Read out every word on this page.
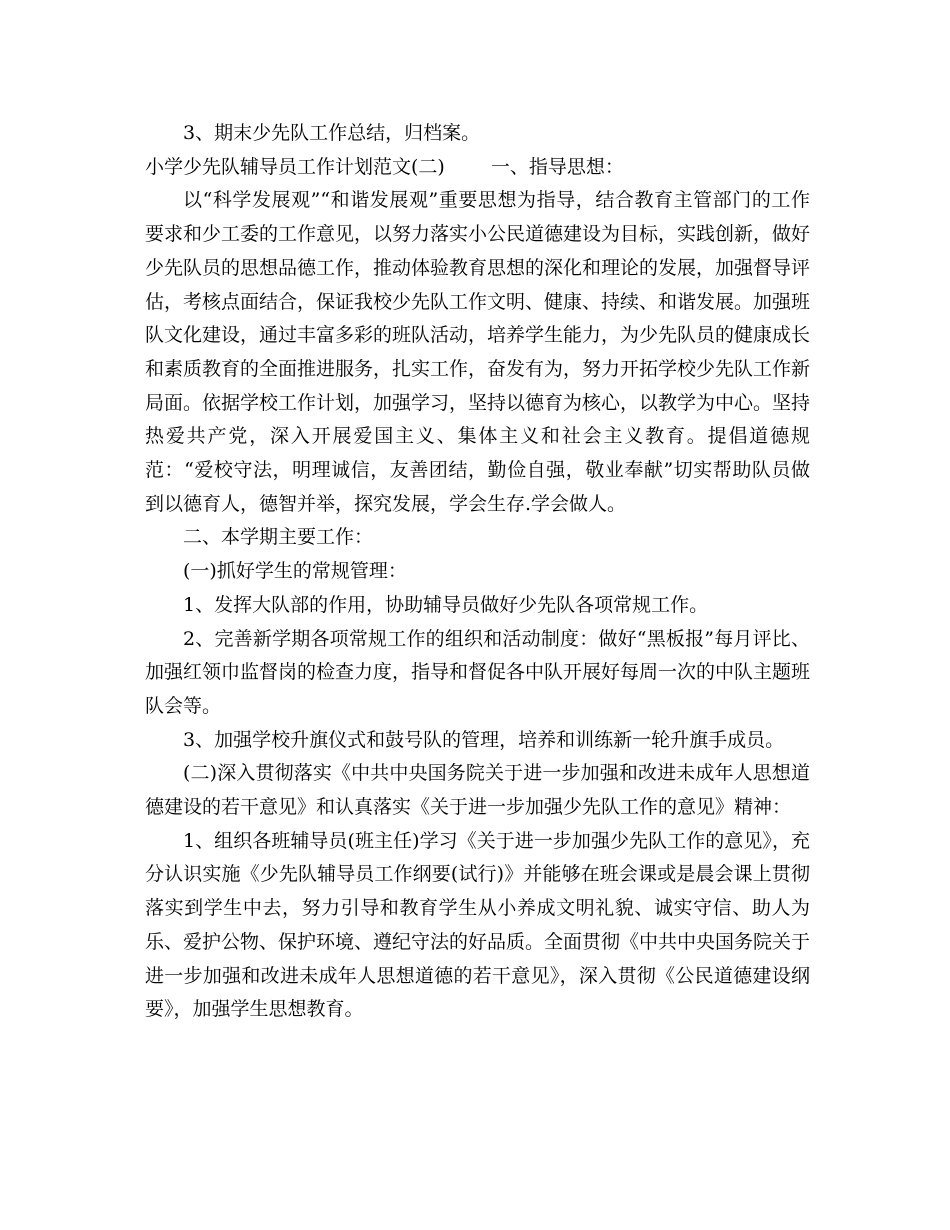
3、期末少先队工作总结，归档案。

小学少先队辅导员工作计划范文(二) 一、指导思想：

以“科学发展观”“和谐发展观”重要思想为指导，结合教育主管部门的工作要求和少工委的工作意见，以努力落实小公民道德建设为目标，实践创新，做好少先队员的思想品德工作，推动体验教育思想的深化和理论的发展，加强督导评估，考核点面结合，保证我校少先队工作文明、健康、持续、和谐发展。加强班队文化建设，通过丰富多彩的班队活动，培养学生能力，为少先队员的健康成长和素质教育的全面推进服务，扎实工作，奋发有为，努力开拓学校少先队工作新局面。依据学校工作计划，加强学习，坚持以德育为核心，以教学为中心。坚持热爱共产党，深入开展爱国主义、集体主义和社会主义教育。提倡道德规范：“爱校守法，明理诚信，友善团结，勤俭自强，敬业奉献”切实帮助队员做到以德育人，德智并举，探究发展，学会生存.学会做人。

二、本学期主要工作：

(一)抓好学生的常规管理：

1、发挥大队部的作用，协助辅导员做好少先队各项常规工作。

2、完善新学期各项常规工作的组织和活动制度：做好“黑板报”每月评比、加强红领巾监督岗的检查力度，指导和督促各中队开展好每周一次的中队主题班队会等。

3、加强学校升旗仪式和鼓号队的管理，培养和训练新一轮升旗手成员。

(二)深入贯彻落实《中共中央国务院关于进一步加强和改进未成年人思想道德建设的若干意见》和认真落实《关于进一步加强少先队工作的意见》精神：

1、组织各班辅导员(班主任)学习《关于进一步加强少先队工作的意见》，充分认识实施《少先队辅导员工作纲要(试行)》并能够在班会课或是晨会课上贯彻落实到学生中去，努力引导和教育学生从小养成文明礼貌、诚实守信、助人为乐、爱护公物、保护环境、遵纪守法的好品质。全面贯彻《中共中央国务院关于进一步加强和改进未成年人思想道德的若干意见》，深入贯彻《公民道德建设纲要》，加强学生思想教育。
